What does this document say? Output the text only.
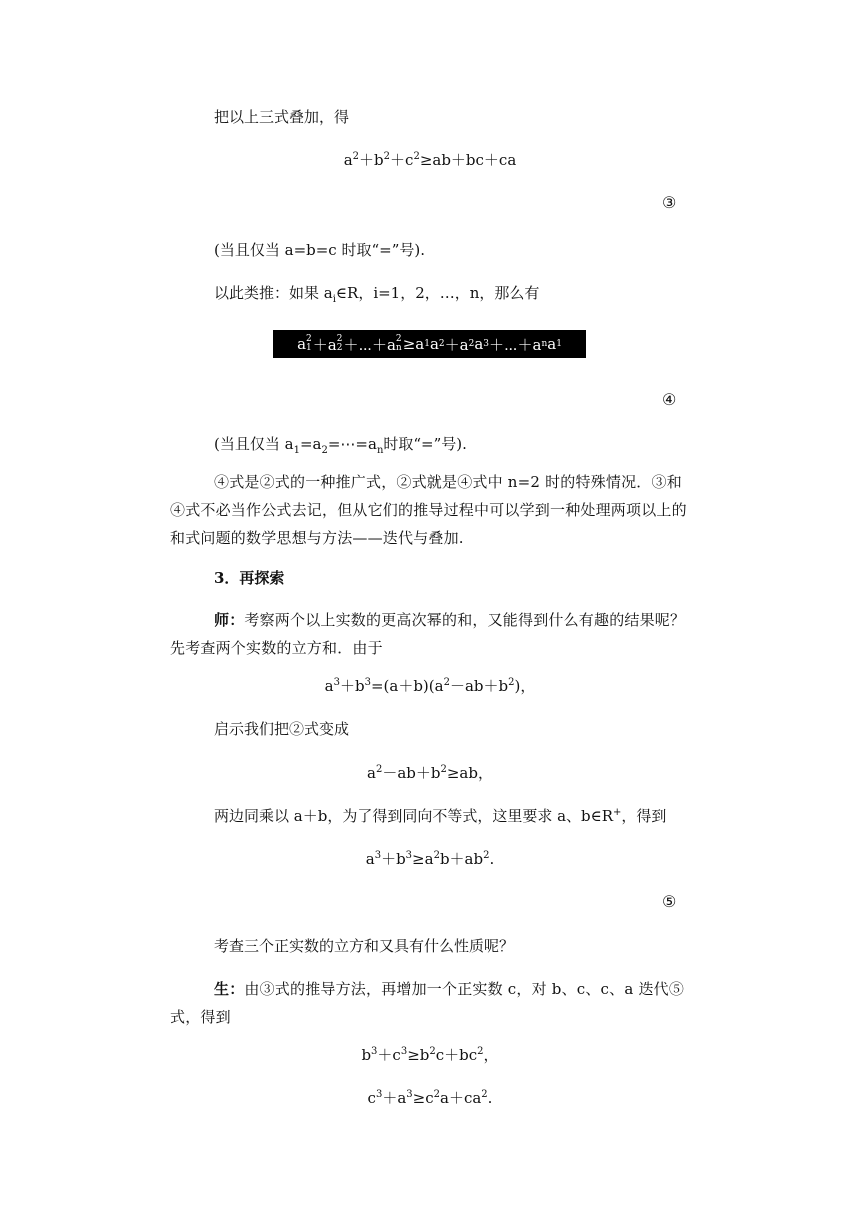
把以上三式叠加，得
$a^2+b^2+c^2\ge ab+bc+ca$
③
(当且仅当 a=b=c 时取“=”号).
以此类推：如果 $a_i\in R$，i=1，2，…，n，那么有
a 2
1 ＋a 2
2 ＋⋯＋a 2
n ≥a 1 a 2 ＋a 2 a 3 ＋⋯＋a n a 1
④
(当且仅当 $a_1=a_2=\cdots=a_n$时取“=”号).
④式是②式的一种推广式，②式就是④式中 n=2 时的特殊情况．③和④式不必当作公式去记，但从它们的推导过程中可以学到一种处理两项以上的和式问题的数学思想与方法——迭代与叠加.
3．再探索
师：考察两个以上实数的更高次幂的和，又能得到什么有趣的结果呢？先考查两个实数的立方和．由于
$a^3+b^3=(a+b)(a^2-ab+b^2)$，
启示我们把②式变成
$a^2-ab+b^2\ge ab$，
两边同乘以 a＋b，为了得到同向不等式，这里要求 a、b∈R+，得到
$a^3+b^3\ge a^2b+ab^2$.
⑤
考查三个正实数的立方和又具有什么性质呢？
生：由③式的推导方法，再增加一个正实数 c，对 b、c、c、a 迭代⑤式，得到
$b^3+c^3\ge b^2c+bc^2$，
$c^3+a^3\ge c^2a+ca^2$.
